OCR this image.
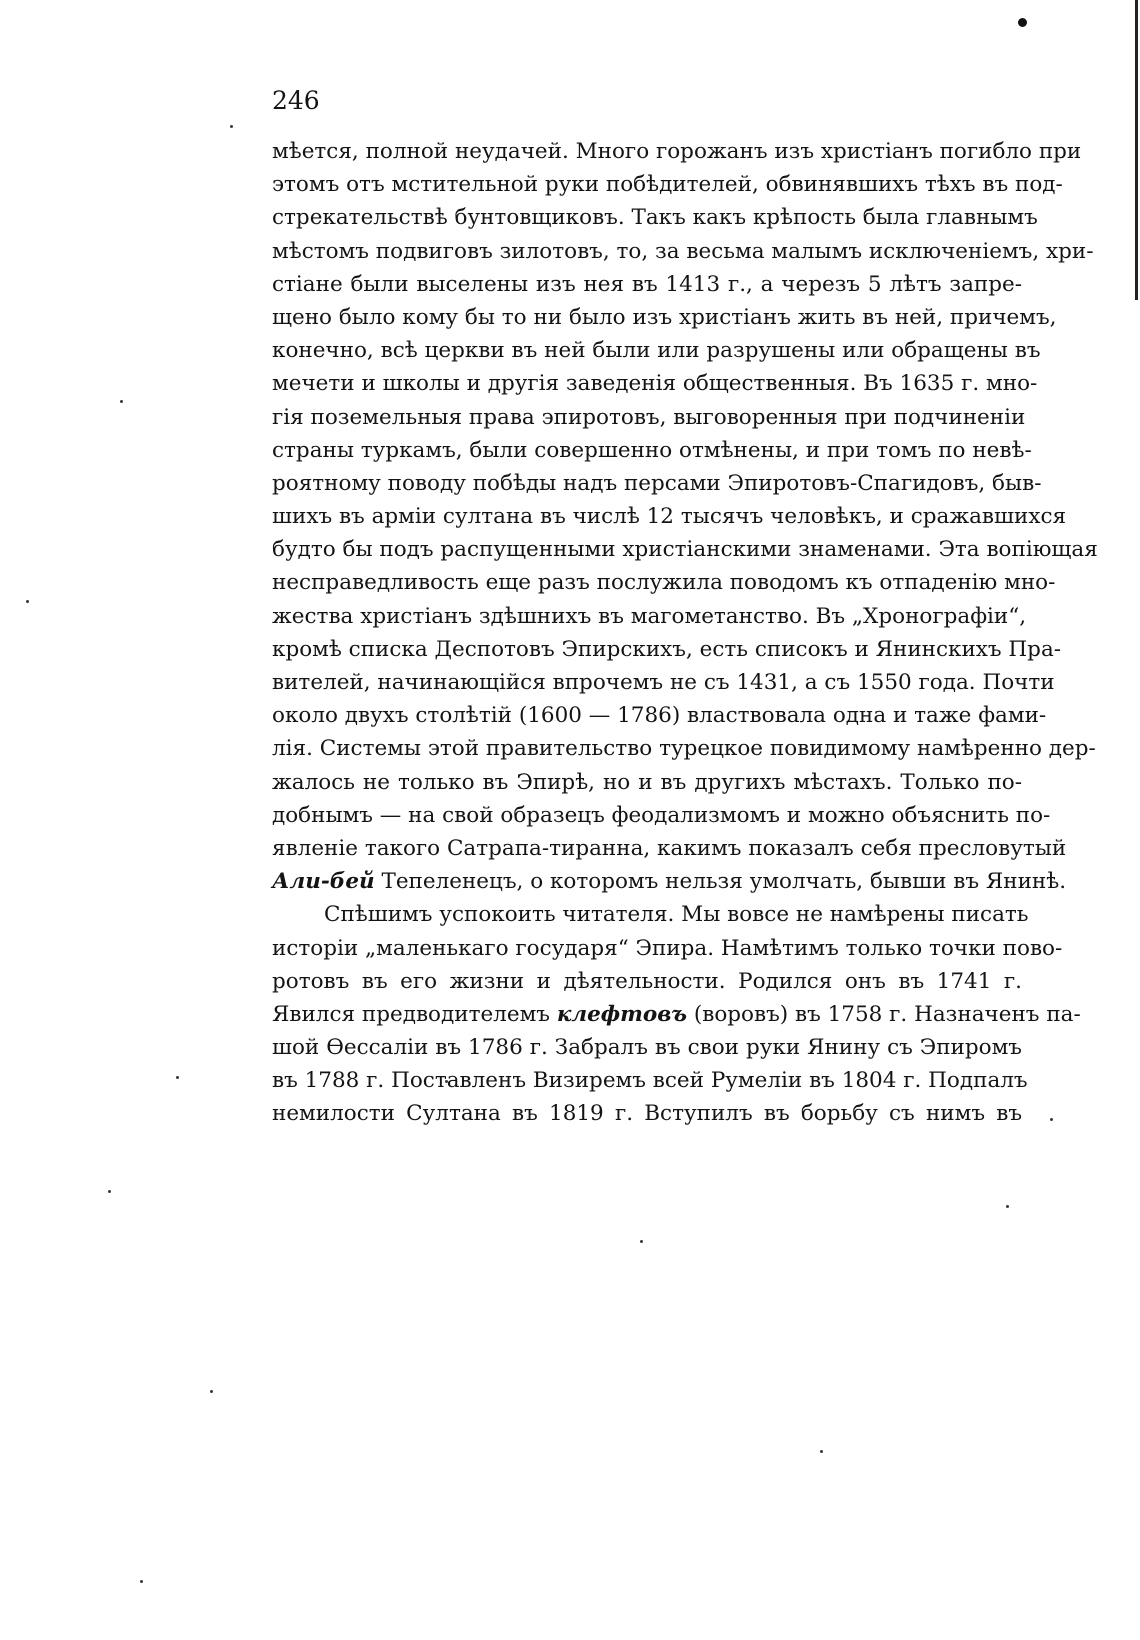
246
мѣется, полной неудачей. Много горожанъ изъ христіанъ погибло при
этомъ отъ мстительной руки побѣдителей, обвинявшихъ тѣхъ въ под-
стрекательствѣ бунтовщиковъ. Такъ какъ крѣпость была главнымъ
мѣстомъ подвиговъ зилотовъ, то, за весьма малымъ исключеніемъ, хри-
стіане были выселены изъ нея въ 1413 г., а черезъ 5 лѣтъ запре-
щено было кому бы то ни было изъ христіанъ жить въ ней, причемъ,
конечно, всѣ церкви въ ней были или разрушены или обращены въ
мечети и школы и другія заведенія общественныя. Въ 1635 г. мно-
гія поземельныя права эпиротовъ, выговоренныя при подчиненіи
страны туркамъ, были совершенно отмѣнены, и при томъ по невѣ-
роятному поводу побѣды надъ персами Эпиротовъ-Спагидовъ, быв-
шихъ въ арміи султана въ числѣ 12 тысячъ человѣкъ, и сражавшихся
будто бы подъ распущенными христіанскими знаменами. Эта вопіющая
несправедливость еще разъ послужила поводомъ къ отпаденію мно-
жества христіанъ здѣшнихъ въ магометанство. Въ „Хронографіи“,
кромѣ списка Деспотовъ Эпирскихъ, есть списокъ и Янинскихъ Пра-
вителей, начинающійся впрочемъ не съ 1431, а съ 1550 года. Почти
около двухъ столѣтій (1600 — 1786) властвовала одна и таже фами-
лія. Системы этой правительство турецкое повидимому намѣренно дер-
жалось не только въ Эпирѣ, но и въ другихъ мѣстахъ. Только по-
добнымъ — на свой образецъ феодализмомъ и можно объяснить по-
явленіе такого Сатрапа-тиранна, какимъ показалъ себя пресловутый
Али-бей Тепеленецъ, о которомъ нельзя умолчать, бывши въ Янинѣ.
Спѣшимъ успокоить читателя. Мы вовсе не намѣрены писать
исторіи „маленькаго государя“ Эпира. Намѣтимъ только точки пово-
ротовъ въ его жизни и дѣятельности. Родился онъ въ 1741 г.
Явился предводителемъ клефтовъ (воровъ) въ 1758 г. Назначенъ па-
шой Өессаліи въ 1786 г. Забралъ въ свои руки Янину съ Эпиромъ
въ 1788 г. Поставленъ Визиремъ всей Румеліи въ 1804 г. Подпалъ
немилости Султана въ 1819 г. Вступилъ въ борьбу съ нимъ въ
